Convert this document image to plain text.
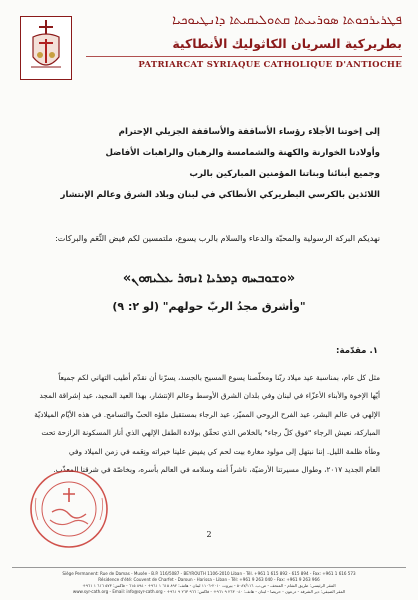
ܦܛܪܝܪܟܘܬܐ ܣܘܪܝܝܬܐ ܩܬܘܠܝܩܝܬܐ ܕܐܢܛܝܘܟܝܐ
بطريركية السريان الكاثوليك الأنطاكية
PATRIARCAT SYRIAQUE CATHOLIQUE D'ANTIOCHE
إلى إخوتنا الأجلاء رؤساء الأساقفة والأساقفة الجزيلي الإحترام
وأولادنا الخوارنة والكهنة والشمامسة والرهبان والراهبات الأفاضل
وجميع أبنائنا وبناتنا المؤمنين المباركين بالرب
اللائذين بالكرسي البطريركي الأنطاكي في لبنان وبلاد الشرق وعالم الإنتشار
نهديكم البركة الرسولية والمحبّة والدعاء والسلام بالرب يسوع، ملتمسين لكم فيض النِّعَم والبركات:
«ܘܫܘܒܚܗ ܕܡܪܝܐ ܐܢܗܪ ܥܠܝܗܘܢ»
"وأشرق مجدُ الربّ حولهم" (لو ٢: ٩)
١. مقدّمة:
مثل كل عام، بمناسبة عيد ميلاد ربّنا ومخلّصنا يسوع المسيح بالجسد، يسرّنا أن نقدّم أطيب التهاني لكم جميعاً
أيّها الإخوة والأبناء الأعزّاء في لبنان وفي بلدان الشرق الأوسط وعالم الإنتشار، بهذا العيد المجيد، عيد إشراقة المجد
الإلهي في عالم البشر، عيد الفرح الروحي المميّز، عيد الرجاء بمستقبل ملؤه الحبّ والتسامح. في هذه الأيّام الميلاديّة
المباركة، نعيش الرجاء "فوق كلّ رجاء" بالخلاص الذي تحقّق بولادة الطفل الإلهي الذي أنار المسكونة الرازحة تحت
وطأة ظلمة الليل. إننا نبتهل إلى مولود مغارة بيت لحم كي يفيض علينا خيراته ونِعَمه في زمن الميلاد وفي
العام الجديد ٢٠١٧، وطوال مسيرتنا الأرضيّة، ناشراً أمنه وسلامه في العالم بأسره، وبخاصّة في شرقنا المعذّب.
2
Siège Permanent: Rue de Damas - Musée - B.P. 116/5087 - BEYROUTH 1106-2010 Liban - Tél. +961 1 615 892 - 615 894 - Fax: +961 1 616 573
Résidence d'été: Couvent de Charfet - Daroun - Harissa - Liban - Tél: +961 9 263 040 - Fax: +961 9 263 966
المقر الرئيسي: طريق الشام - المتحف - ص.ب. ٥٠٨٧/١١٦ - بيروت ٢٠١٠-١١٠٦ لبنان - هاتف: ٨٩٢ ٦١٥ ١ ٩٦١+ - ٨٩٤ ٦١٥ - فاكس: ٥٧٣ ٦١٦ ١ ٩٦١+
المقر الصيفي: دير الشرفة - درعون - حريصا - لبنان - هاتف: ٠٤٠ ٢٦٣ ٩ ٩٦١+ - فاكس: ٩٦٦ ٢٦٣ ٩ ٩٦١+ - www.syr-cath.org - Email: info@syr-cath.org
